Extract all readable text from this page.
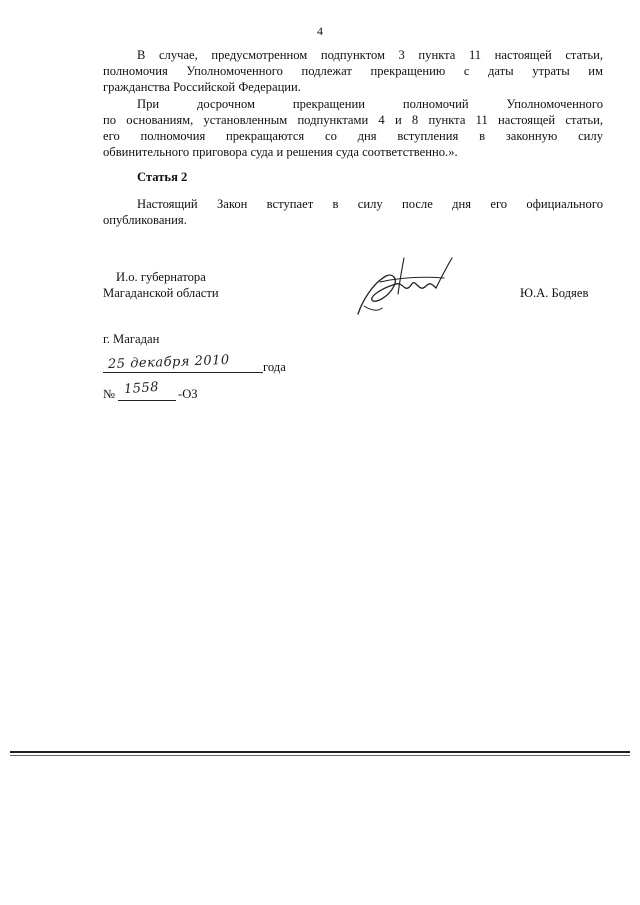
4
В случае, предусмотренном подпунктом 3 пункта 11 настоящей статьи,
полномочия Уполномоченного подлежат прекращению с даты утраты им
гражданства Российской Федерации.
При досрочном прекращении полномочий Уполномоченного
по основаниям, установленным подпунктами 4 и 8 пункта 11 настоящей статьи,
его полномочия прекращаются со дня вступления в законную силу
обвинительного приговора суда и решения суда соответственно.».
Статья 2
Настоящий Закон вступает в силу после дня его официального
опубликования.
И.о. губернатора
Магаданской области	Ю.А. Бодяев
г. Магадан
25 декабря 2010	года
№ 1558 -ОЗ
